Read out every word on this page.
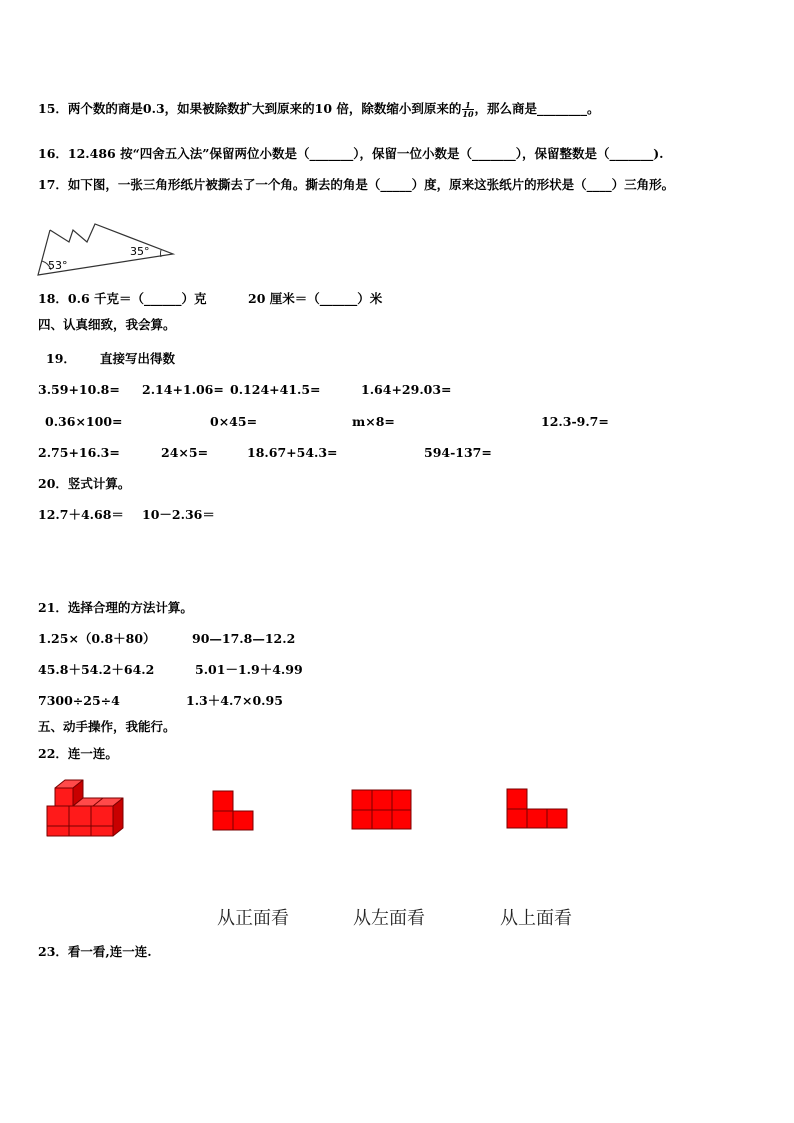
15．两个数的商是0.3，如果被除数扩大到原来的10 倍，除数缩小到原来的 $\frac{1}{10}$ ，那么商是________。
16．12.486 按“四舍五入法”保留两位小数是（_______），保留一位小数是（_______），保留整数是（_______).
17．如下图，一张三角形纸片被撕去了一个角。撕去的角是（_____）度，原来这张纸片的形状是（____）三角形。
53°
35°
18．0.6 千克＝（______）克	20 厘米＝（______）米
四、认真细致，我会算。
19． 直接写出得数
3.59+10.8= 2.14+1.06= 0.124+41.5=	1.64+29.03=
0.36×100=	0×45=	m×8=	12.3-9.7=
2.75+16.3=	24×5=	18.67+54.3=	594-137=
20．竖式计算。
12.7＋4.68＝ 10－2.36＝
21．选择合理的方法计算。
1.25×（0.8＋80）	90—17.8—12.2
45.8＋54.2＋64.2	5.01－1.9＋4.99
7300÷25÷4	1.3＋4.7×0.95
五、动手操作，我能行。
22．连一连。
从正面看	从左面看	从上面看
23．看一看,连一连.
